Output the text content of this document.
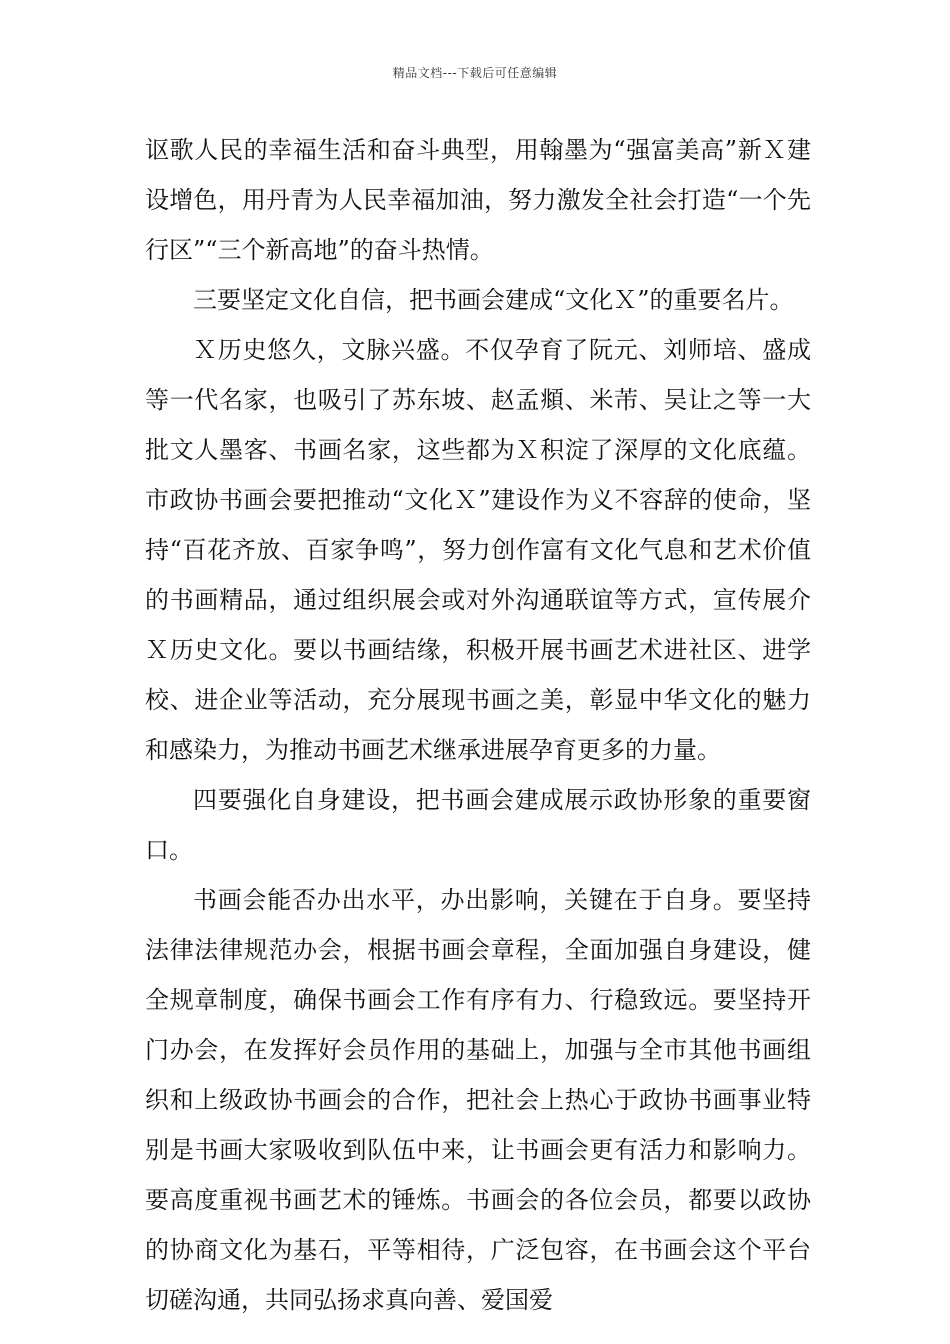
精品文档---下载后可任意编辑

讴歌人民的幸福生活和奋斗典型，用翰墨为“强富美高”新Ｘ建设增色，用丹青为人民幸福加油，努力激发全社会打造“一个先行区”“三个新高地”的奋斗热情。

三要坚定文化自信，把书画会建成“文化Ｘ”的重要名片。

Ｘ历史悠久，文脉兴盛。不仅孕育了阮元、刘师培、盛成等一代名家，也吸引了苏东坡、赵孟頫、米芾、吴让之等一大批文人墨客、书画名家，这些都为Ｘ积淀了深厚的文化底蕴。市政协书画会要把推动“文化Ｘ”建设作为义不容辞的使命，坚持“百花齐放、百家争鸣”，努力创作富有文化气息和艺术价值的书画精品，通过组织展会或对外沟通联谊等方式，宣传展介Ｘ历史文化。要以书画结缘，积极开展书画艺术进社区、进学校、进企业等活动，充分展现书画之美，彰显中华文化的魅力和感染力，为推动书画艺术继承进展孕育更多的力量。

四要强化自身建设，把书画会建成展示政协形象的重要窗口。

书画会能否办出水平，办出影响，关键在于自身。要坚持法律法律规范办会，根据书画会章程，全面加强自身建设，健全规章制度，确保书画会工作有序有力、行稳致远。要坚持开门办会，在发挥好会员作用的基础上，加强与全市其他书画组织和上级政协书画会的合作，把社会上热心于政协书画事业特别是书画大家吸收到队伍中来，让书画会更有活力和影响力。要高度重视书画艺术的锤炼。书画会的各位会员，都要以政协的协商文化为基石，平等相待，广泛包容，在书画会这个平台切磋沟通，共同弘扬求真向善、爱国爱
